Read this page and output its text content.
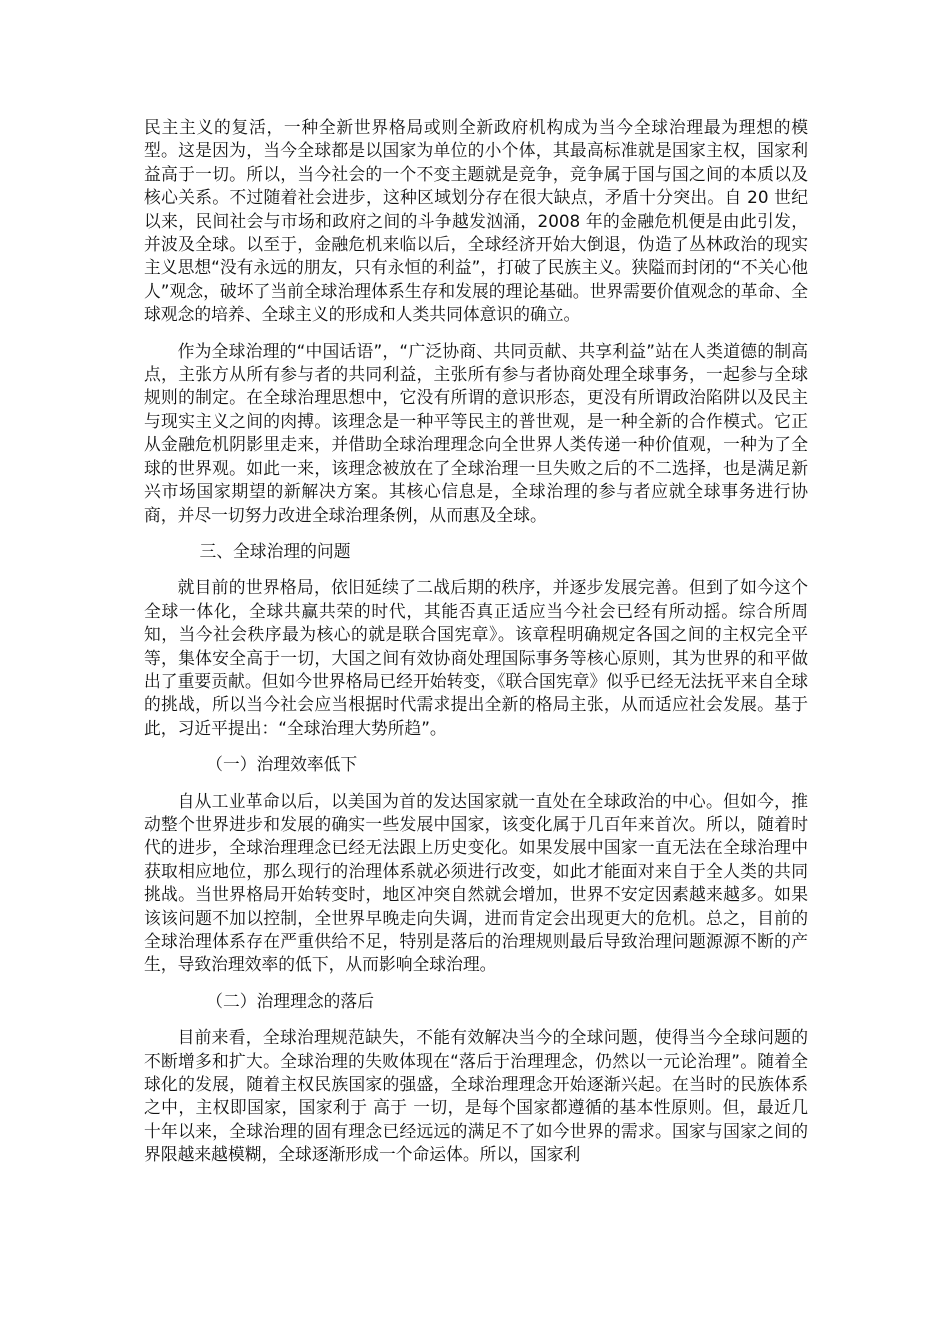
民主主义的复活，一种全新世界格局或则全新政府机构成为当今全球治理最为理想的模型。这是因为，当今全球都是以国家为单位的小个体，其最高标准就是国家主权，国家利益高于一切。所以，当今社会的一个不变主题就是竞争，竞争属于国与国之间的本质以及核心关系。不过随着社会进步，这种区域划分存在很大缺点，矛盾十分突出。自 20 世纪以来，民间社会与市场和政府之间的斗争越发汹涌，2008 年的金融危机便是由此引发，并波及全球。以至于，金融危机来临以后，全球经济开始大倒退，伪造了丛林政治的现实主义思想“没有永远的朋友，只有永恒的利益”，打破了民族主义。狭隘而封闭的“不关心他人”观念，破坏了当前全球治理体系生存和发展的理论基础。世界需要价值观念的革命、全球观念的培养、全球主义的形成和人类共同体意识的确立。

作为全球治理的“中国话语”，“广泛协商、共同贡献、共享利益”站在人类道德的制高点，主张方从所有参与者的共同利益，主张所有参与者协商处理全球事务，一起参与全球规则的制定。在全球治理思想中，它没有所谓的意识形态，更没有所谓政治陷阱以及民主与现实主义之间的肉搏。该理念是一种平等民主的普世观，是一种全新的合作模式。它正从金融危机阴影里走来，并借助全球治理理念向全世界人类传递一种价值观，一种为了全球的世界观。如此一来，该理念被放在了全球治理一旦失败之后的不二选择，也是满足新兴市场国家期望的新解决方案。其核心信息是，全球治理的参与者应就全球事务进行协商，并尽一切努力改进全球治理条例，从而惠及全球。

三、全球治理的问题

就目前的世界格局，依旧延续了二战后期的秩序，并逐步发展完善。但到了如今这个全球一体化，全球共赢共荣的时代，其能否真正适应当今社会已经有所动摇。综合所周知，当今社会秩序最为核心的就是联合国宪章》。该章程明确规定各国之间的主权完全平等，集体安全高于一切，大国之间有效协商处理国际事务等核心原则，其为世界的和平做出了重要贡献。但如今世界格局已经开始转变，《联合国宪章》似乎已经无法抚平来自全球的挑战，所以当今社会应当根据时代需求提出全新的格局主张，从而适应社会发展。基于此，习近平提出：“全球治理大势所趋”。

（一）治理效率低下

自从工业革命以后，以美国为首的发达国家就一直处在全球政治的中心。但如今，推动整个世界进步和发展的确实一些发展中国家，该变化属于几百年来首次。所以，随着时代的进步，全球治理理念已经无法跟上历史变化。如果发展中国家一直无法在全球治理中获取相应地位，那么现行的治理体系就必须进行改变，如此才能面对来自于全人类的共同挑战。当世界格局开始转变时，地区冲突自然就会增加，世界不安定因素越来越多。如果该该问题不加以控制，全世界早晚走向失调，进而肯定会出现更大的危机。总之，目前的全球治理体系存在严重供给不足，特别是落后的治理规则最后导致治理问题源源不断的产生，导致治理效率的低下，从而影响全球治理。

（二）治理理念的落后

目前来看，全球治理规范缺失，不能有效解决当今的全球问题，使得当今全球问题的不断增多和扩大。全球治理的失败体现在“落后于治理理念，仍然以一元论治理”。随着全球化的发展，随着主权民族国家的强盛，全球治理理念开始逐渐兴起。在当时的民族体系之中，主权即国家，国家利于 高于 一切，是每个国家都遵循的基本性原则。但，最近几十年以来，全球治理的固有理念已经远远的满足不了如今世界的需求。国家与国家之间的界限越来越模糊，全球逐渐形成一个命运体。所以，国家利
